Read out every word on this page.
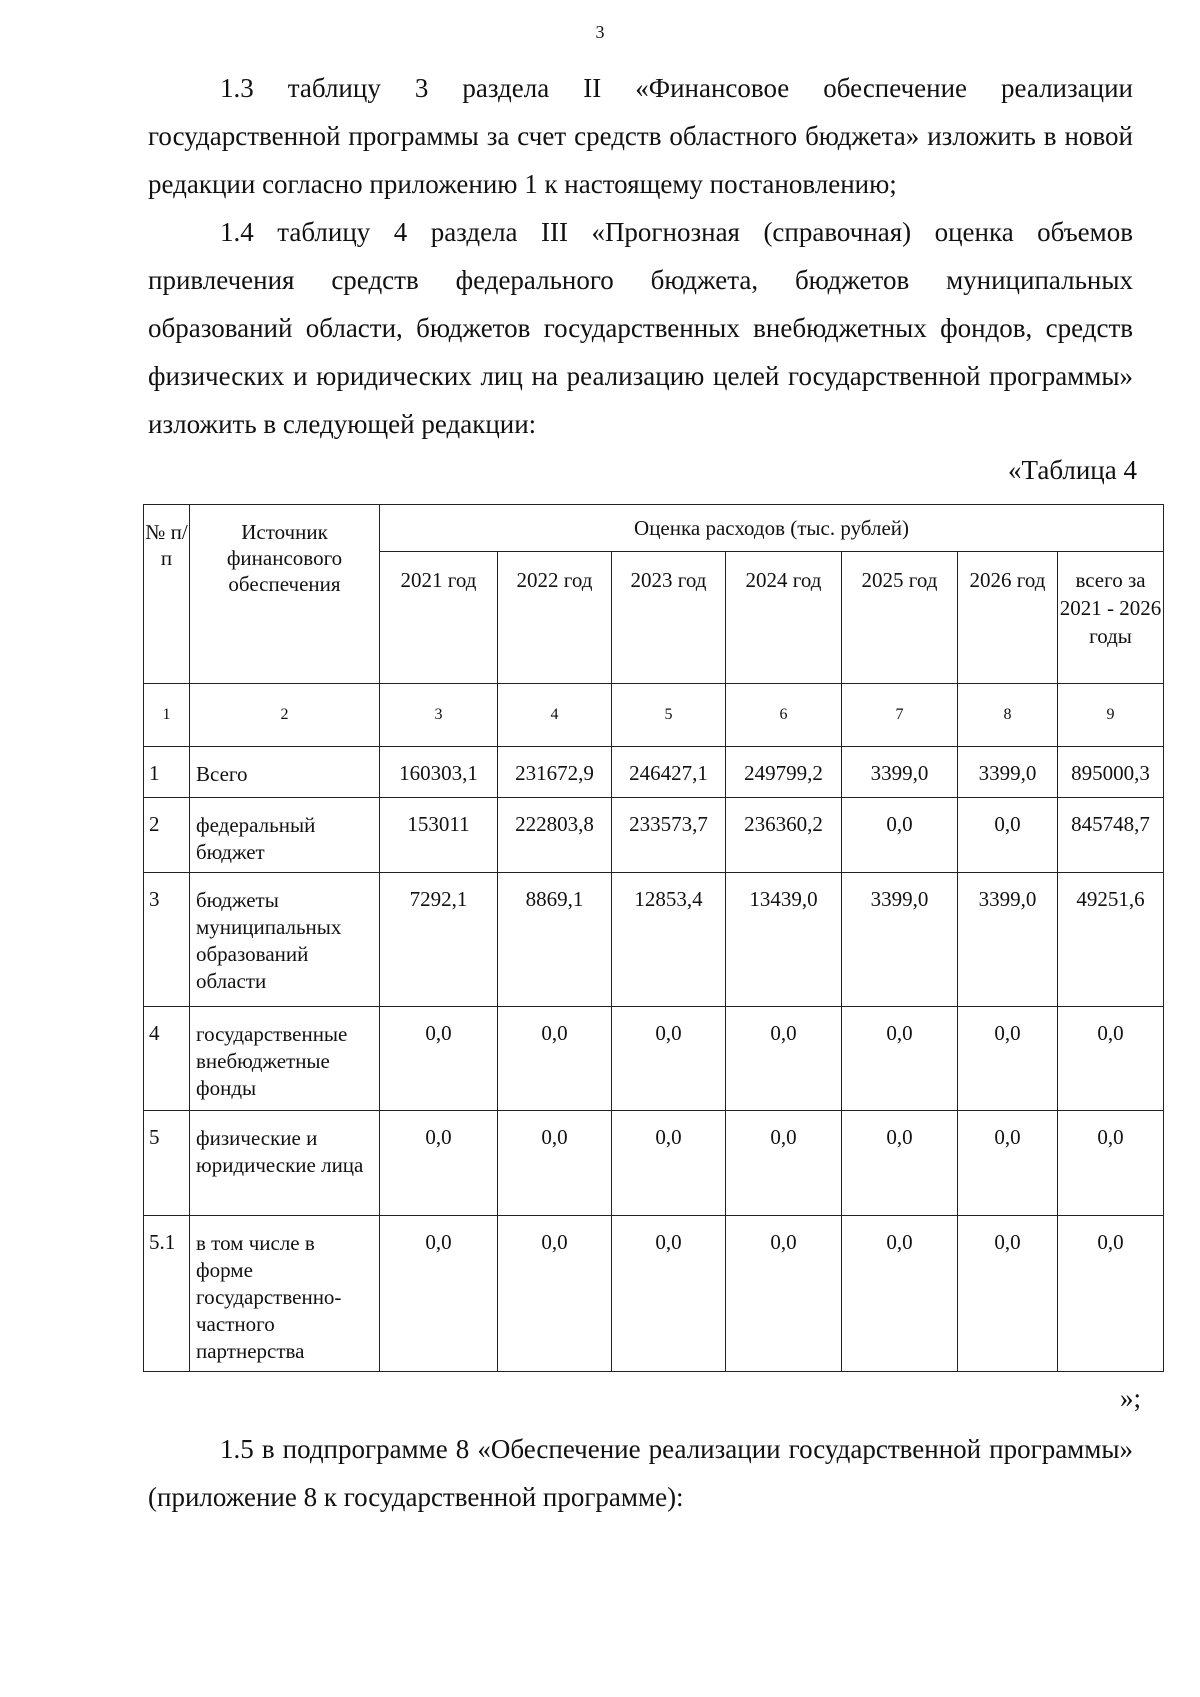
3
1.3 таблицу 3 раздела II «Финансовое обеспечение реализации государственной программы за счет средств областного бюджета» изложить в новой редакции согласно приложению 1 к настоящему постановлению;
1.4 таблицу 4 раздела III «Прогнозная (справочная) оценка объемов привлечения средств федерального бюджета, бюджетов муниципальных образований области, бюджетов государственных внебюджетных фондов, средств физических и юридических лиц на реализацию целей государственной программы» изложить в следующей редакции:
«Таблица 4
№ п/п	Источник финансового обеспечения	Оценка расходов (тыс. рублей)						
		2021 год	2022 год	2023 год	2024 год	2025 год	2026 год	всего за 2021 - 2026 годы
1	2	3	4	5	6	7	8	9
1	Всего	160303,1	231672,9	246427,1	249799,2	3399,0	3399,0	895000,3
2	федеральный бюджет	153011	222803,8	233573,7	236360,2	0,0	0,0	845748,7
3	бюджеты муниципальных образований области	7292,1	8869,1	12853,4	13439,0	3399,0	3399,0	49251,6
4	государственные внебюджетные фонды	0,0	0,0	0,0	0,0	0,0	0,0	0,0
5	физические и юридические лица	0,0	0,0	0,0	0,0	0,0	0,0	0,0
5.1	в том числе в форме государственно-частного партнерства	0,0	0,0	0,0	0,0	0,0	0,0	0,0
»;
1.5 в подпрограмме 8 «Обеспечение реализации государственной программы» (приложение 8 к государственной программе):
